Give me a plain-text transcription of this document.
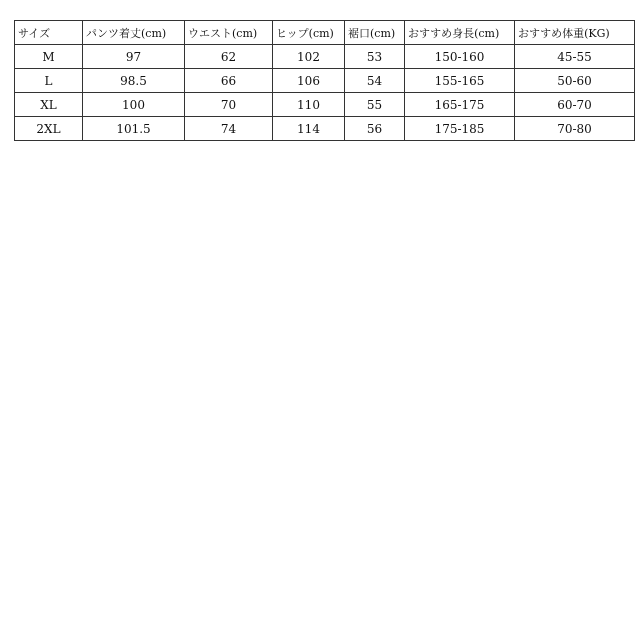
サイズ	パンツ着丈(cm)	ウエスト(cm)	ヒップ(cm)	裾口(cm)	おすすめ身長(cm)	おすすめ体重(KG)
M	97	62	102	53	150-160	45-55
L	98.5	66	106	54	155-165	50-60
XL	100	70	110	55	165-175	60-70
2XL	101.5	74	114	56	175-185	70-80
